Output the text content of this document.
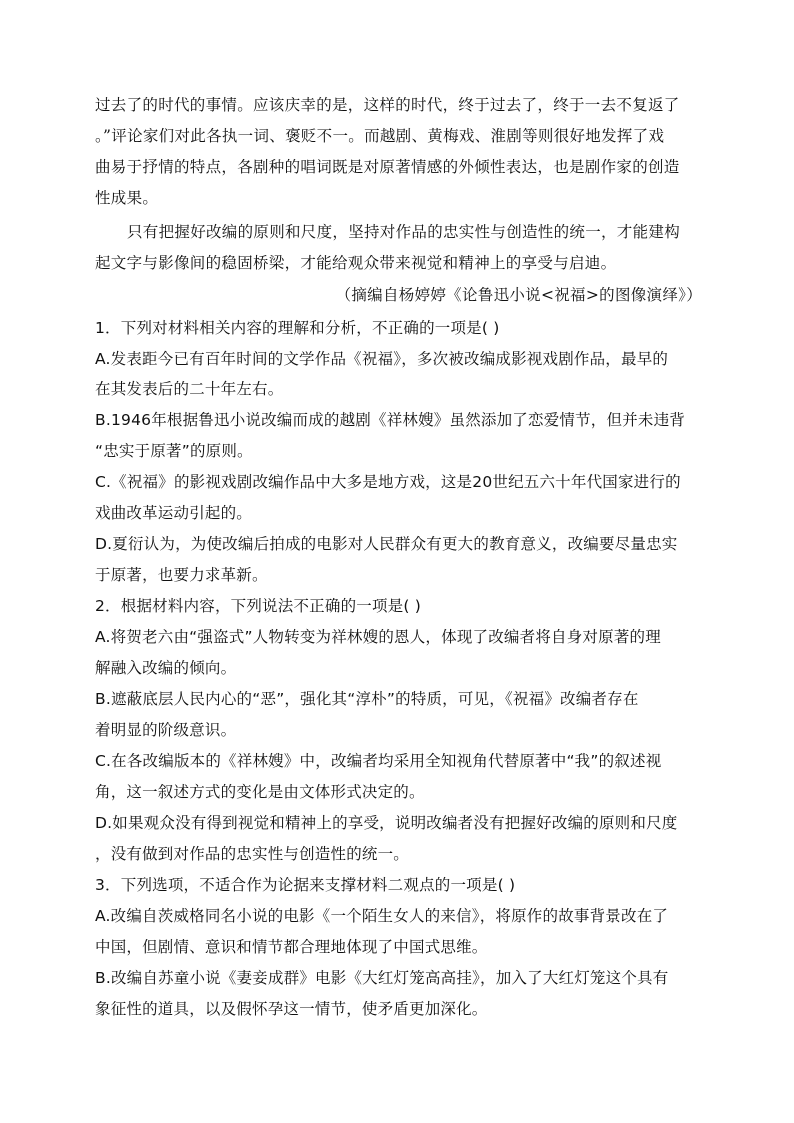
过去了的时代的事情。应该庆幸的是，这样的时代，终于过去了，终于一去不复返了
。”评论家们对此各执一词、褒贬不一。而越剧、黄梅戏、淮剧等则很好地发挥了戏
曲易于抒情的特点，各剧种的唱词既是对原著情感的外倾性表达，也是剧作家的创造
性成果。
只有把握好改编的原则和尺度，坚持对作品的忠实性与创造性的统一，才能建构
起文字与影像间的稳固桥梁，才能给观众带来视觉和精神上的享受与启迪。
（摘编自杨婷婷《论鲁迅小说<祝福>的图像演绎》）
1．下列对材料相关内容的理解和分析，不正确的一项是( )
A.发表距今已有百年时间的文学作品《祝福》，多次被改编成影视戏剧作品，最早的
在其发表后的二十年左右。
B.1946年根据鲁迅小说改编而成的越剧《祥林嫂》虽然添加了恋爱情节，但并未违背
“忠实于原著”的原则。
C.《祝福》的影视戏剧改编作品中大多是地方戏，这是20世纪五六十年代国家进行的
戏曲改革运动引起的。
D.夏衍认为，为使改编后拍成的电影对人民群众有更大的教育意义，改编要尽量忠实
于原著，也要力求革新。
2．根据材料内容，下列说法不正确的一项是( )
A.将贺老六由“强盗式”人物转变为祥林嫂的恩人，体现了改编者将自身对原著的理
解融入改编的倾向。
B.遮蔽底层人民内心的“恶”，强化其“淳朴”的特质，可见，《祝福》改编者存在
着明显的阶级意识。
C.在各改编版本的《祥林嫂》中，改编者均采用全知视角代替原著中“我”的叙述视
角，这一叙述方式的变化是由文体形式决定的。
D.如果观众没有得到视觉和精神上的享受，说明改编者没有把握好改编的原则和尺度
，没有做到对作品的忠实性与创造性的统一。
3．下列选项，不适合作为论据来支撑材料二观点的一项是( )
A.改编自茨威格同名小说的电影《一个陌生女人的来信》，将原作的故事背景改在了
中国，但剧情、意识和情节都合理地体现了中国式思维。
B.改编自苏童小说《妻妾成群》电影《大红灯笼高高挂》，加入了大红灯笼这个具有
象征性的道具，以及假怀孕这一情节，使矛盾更加深化。
